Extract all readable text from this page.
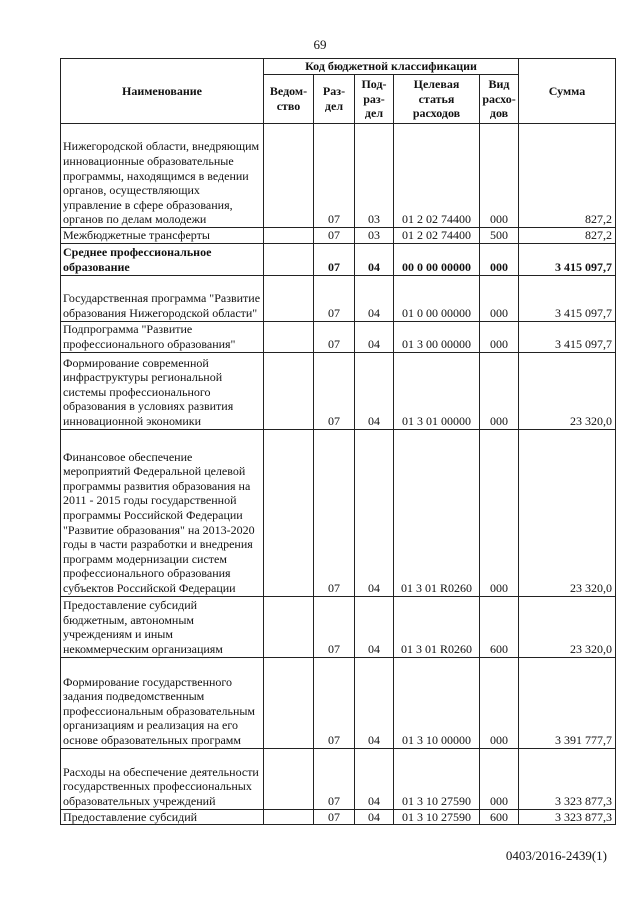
69
Наименование	Код бюджетной классификации					Сумма
	Ведом-ство	Раз-дел	Под-раз-дел	Целевая статья расходов	Вид расхо-дов	
Нижегородской области, внедряющим инновационные образовательные программы, находящимся в ведении органов, осуществляющих управление в сфере образования, органов по делам молодежи		07	03	01 2 02 74400	000	827,2
Межбюджетные трансферты		07	03	01 2 02 74400	500	827,2
Среднее профессиональное образование		07	04	00 0 00 00000	000	3 415 097,7
Государственная программа "Развитие образования Нижегородской области"		07	04	01 0 00 00000	000	3 415 097,7
Подпрограмма "Развитие профессионального образования"		07	04	01 3 00 00000	000	3 415 097,7
Формирование современной инфраструктуры региональной системы профессионального образования в условиях развития инновационной экономики		07	04	01 3 01 00000	000	23 320,0
Финансовое обеспечение мероприятий Федеральной целевой программы развития образования на 2011 - 2015 годы государственной программы Российской Федерации "Развитие образования" на 2013-2020 годы в части разработки и внедрения программ модернизации систем профессионального образования субъектов Российской Федерации		07	04	01 3 01 R0260	000	23 320,0
Предоставление субсидий бюджетным, автономным учреждениям и иным некоммерческим организациям		07	04	01 3 01 R0260	600	23 320,0
Формирование государственного задания подведомственным профессиональным образовательным организациям и реализация на его основе образовательных программ		07	04	01 3 10 00000	000	3 391 777,7
Расходы на обеспечение деятельности государственных профессиональных образовательных учреждений		07	04	01 3 10 27590	000	3 323 877,3
Предоставление субсидий		07	04	01 3 10 27590	600	3 323 877,3
0403/2016-2439(1)
